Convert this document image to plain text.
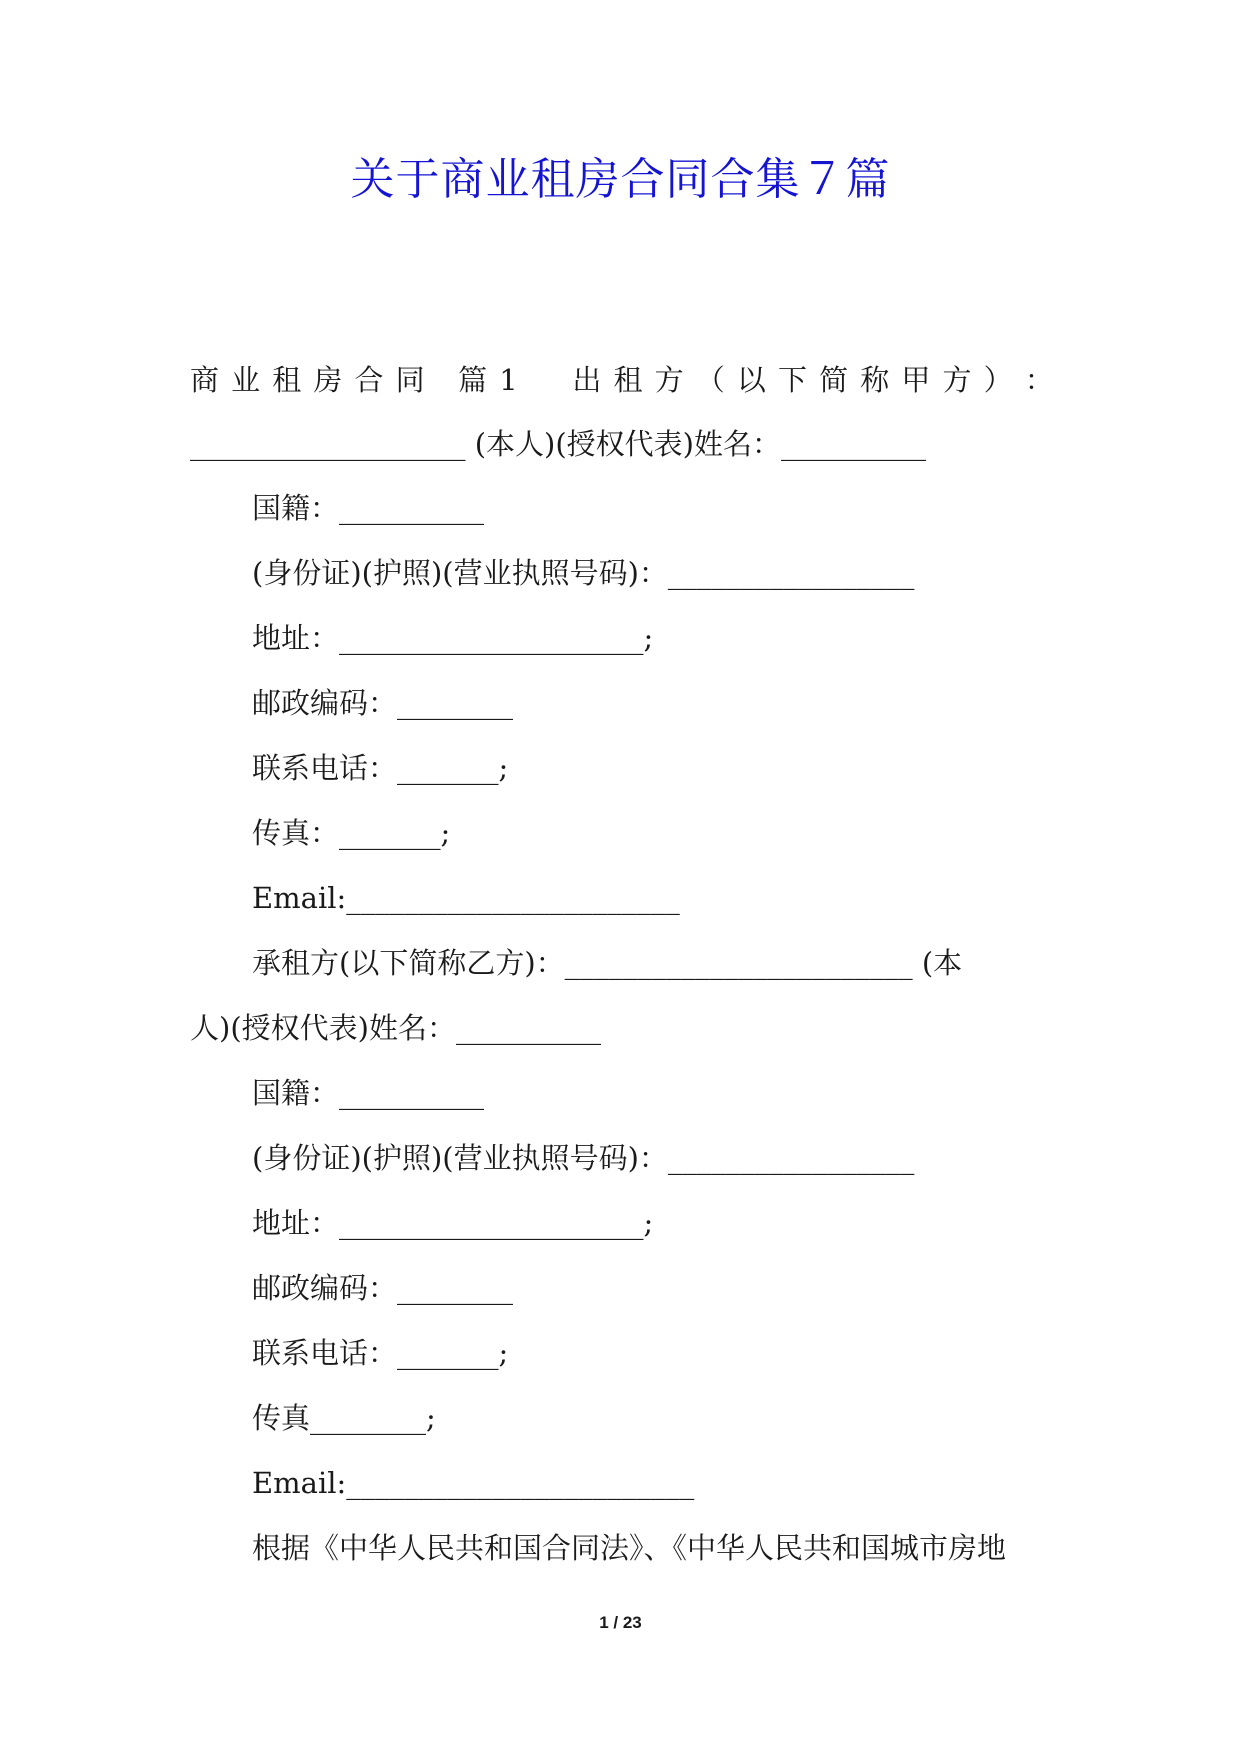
关于商业租房合同合集７篇
商 业 租 房 合 同
篇 1

出 租 方 （ 以 下 简 称 甲 方 ） ：
___________________ (本人)(授权代表)姓名：__________
国籍：__________
(身份证)(护照)(营业执照号码)：_________________
地址：_____________________;
邮政编码：________
联系电话：_______;
传真：_______;
Email:_______________________
承租方(以下简称乙方)：________________________ (本
人)(授权代表)姓名：__________
国籍：__________
(身份证)(护照)(营业执照号码)：_________________
地址：_____________________;
邮政编码：________
联系电话：_______;
传真________;
Email:________________________
根据《中华人民共和国合同法》、《中华人民共和国城市房地
1 / 23
